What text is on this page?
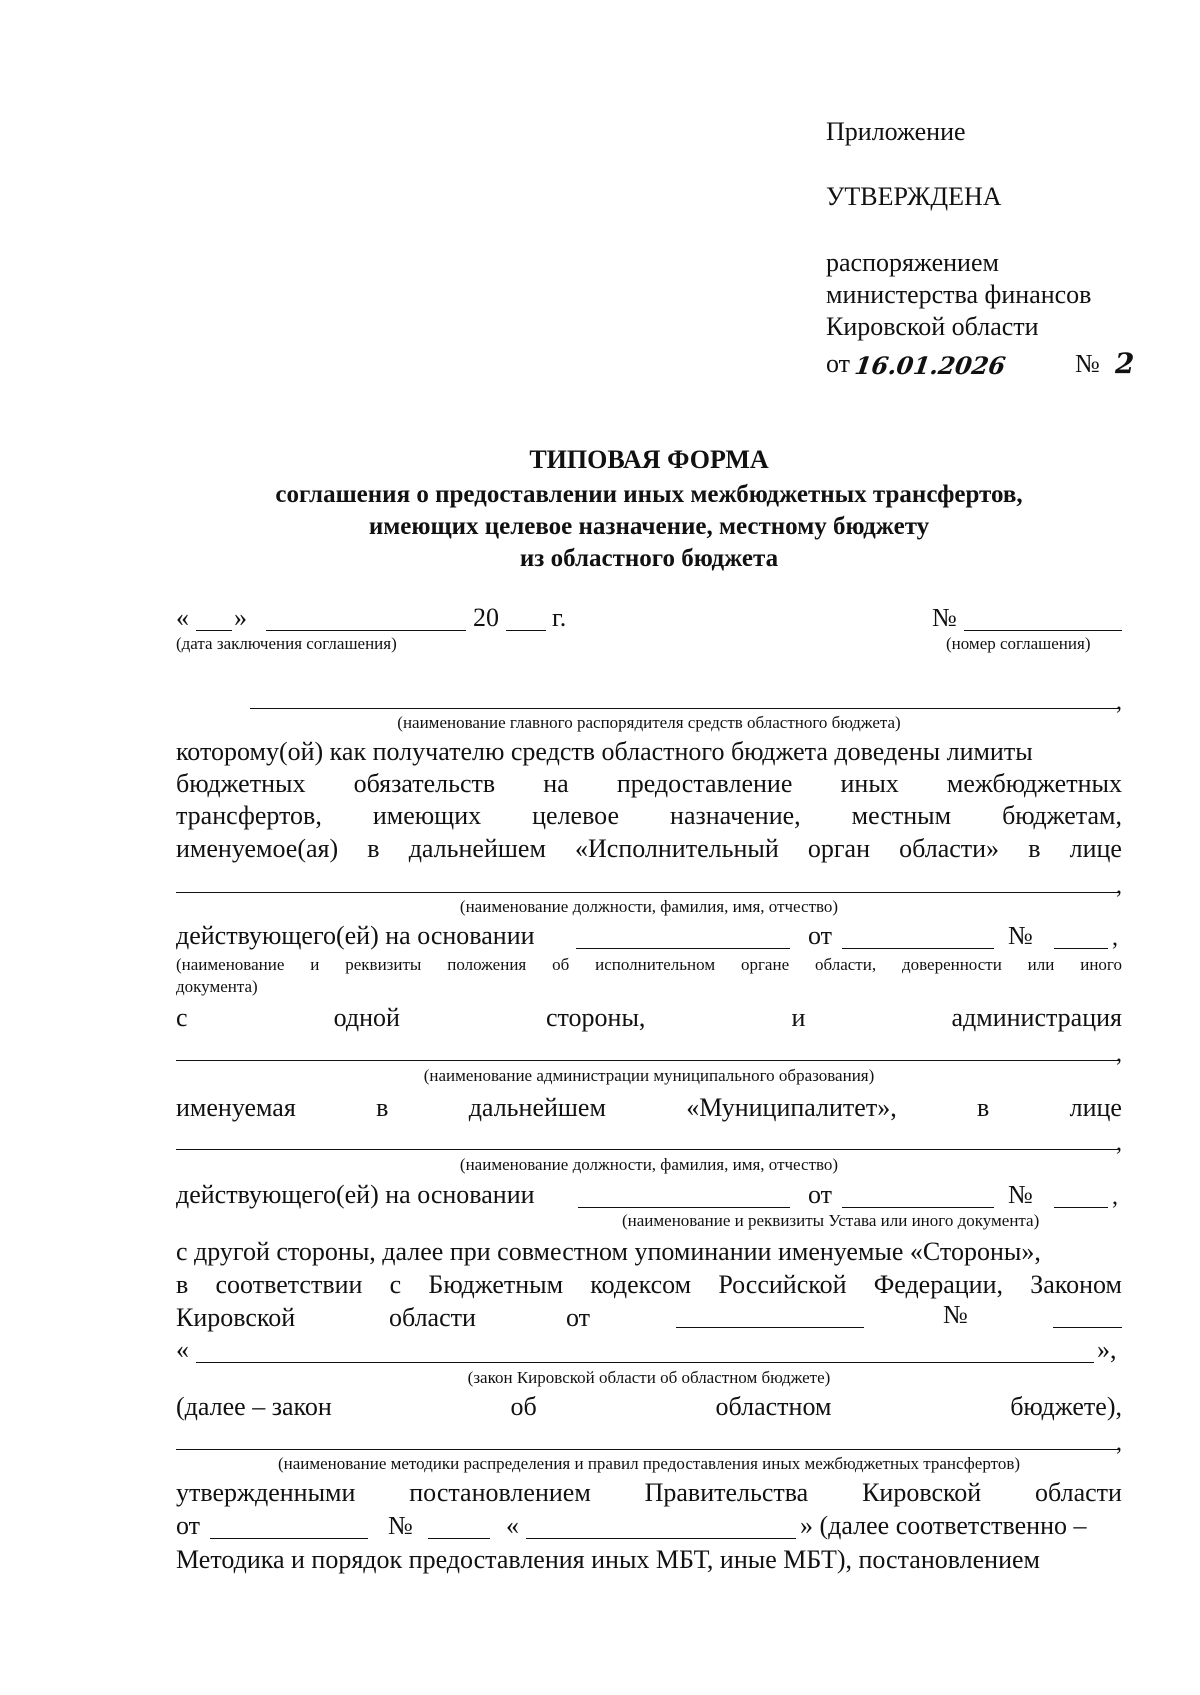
Приложение
УТВЕРЖДЕНА
распоряжением
министерства финансов
Кировской области
от 16.01.2026	№ 2
ТИПОВАЯ ФОРМА
соглашения о предоставлении иных межбюджетных трансфертов,
имеющих целевое назначение, местному бюджету
из областного бюджета
« »	20 г.	№
(дата заключения соглашения)	(номер соглашения)
,
(наименование главного распорядителя средств областного бюджета)
которому(ой) как получателю средств областного бюджета доведены лимиты
бюджетных обязательств на предоставление иных межбюджетных
трансфертов, имеющих целевое назначение, местным бюджетам,
именуемое(ая) в дальнейшем «Исполнительный орган области» в лице
,
(наименование должности, фамилия, имя, отчество)
действующего(ей) на основании	от	№	,
(наименование и реквизиты положения об исполнительном органе области, доверенности или иного
документа)
с	одной	стороны,	и	администрация
,
(наименование администрации муниципального образования)
именуемая	в	дальнейшем	«Муниципалитет»,	в	лице
,
(наименование должности, фамилия, имя, отчество)
действующего(ей) на основании	от	№	,
(наименование и реквизиты Устава или иного документа)
с другой стороны, далее при совместном упоминании именуемые «Стороны»,
в соответствии с Бюджетным кодексом Российской Федерации, Законом
Кировской	области	от	№
«	»,
(закон Кировской области об областном бюджете)
(далее – закон	об	областном	бюджете),
,
(наименование методики распределения и правил предоставления иных межбюджетных трансфертов)
утвержденными постановлением Правительства Кировской области
от	№	«	» (далее соответственно –
Методика и порядок предоставления иных МБТ, иные МБТ), постановлением
